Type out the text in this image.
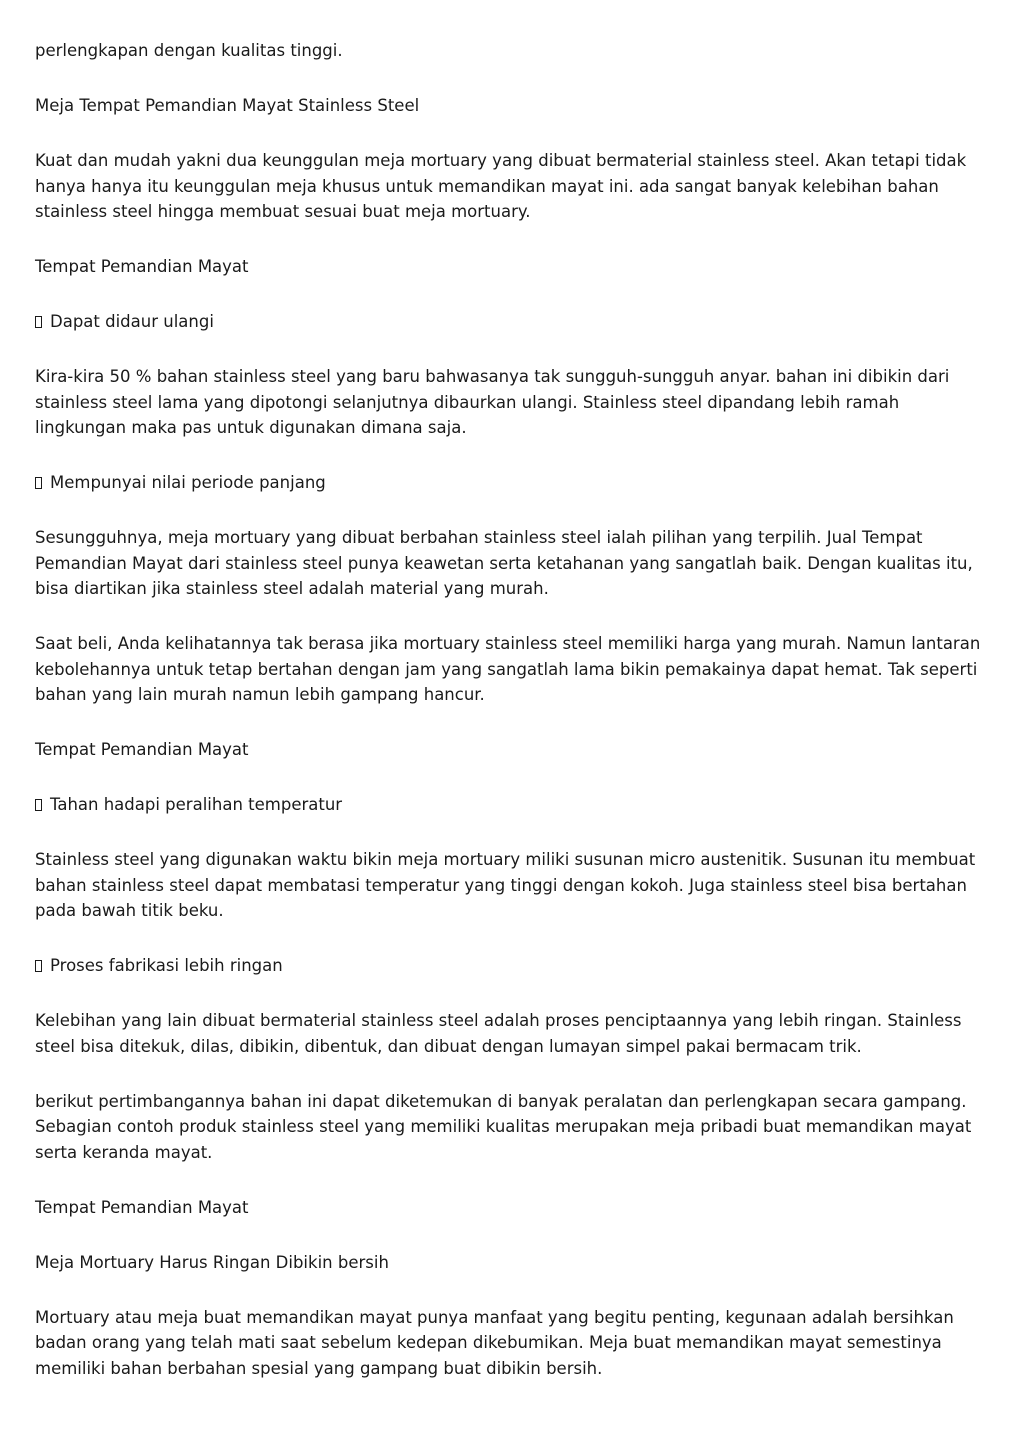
perlengkapan dengan kualitas tinggi.

Meja Tempat Pemandian Mayat Stainless Steel

Kuat dan mudah yakni dua keunggulan meja mortuary yang dibuat bermaterial stainless steel. Akan tetapi tidak hanya hanya itu keunggulan meja khusus untuk memandikan mayat ini. ada sangat banyak kelebihan bahan stainless steel hingga membuat sesuai buat meja mortuary.

Tempat Pemandian Mayat

Dapat didaur ulangi

Kira-kira 50 % bahan stainless steel yang baru bahwasanya tak sungguh-sungguh anyar. bahan ini dibikin dari stainless steel lama yang dipotongi selanjutnya dibaurkan ulangi. Stainless steel dipandang lebih ramah lingkungan maka pas untuk digunakan dimana saja.

Mempunyai nilai periode panjang

Sesungguhnya, meja mortuary yang dibuat berbahan stainless steel ialah pilihan yang terpilih. Jual Tempat Pemandian Mayat dari stainless steel punya keawetan serta ketahanan yang sangatlah baik. Dengan kualitas itu, bisa diartikan jika stainless steel adalah material yang murah.

Saat beli, Anda kelihatannya tak berasa jika mortuary stainless steel memiliki harga yang murah. Namun lantaran kebolehannya untuk tetap bertahan dengan jam yang sangatlah lama bikin pemakainya dapat hemat. Tak seperti bahan yang lain murah namun lebih gampang hancur.

Tempat Pemandian Mayat

Tahan hadapi peralihan temperatur

Stainless steel yang digunakan waktu bikin meja mortuary miliki susunan micro austenitik. Susunan itu membuat bahan stainless steel dapat membatasi temperatur yang tinggi dengan kokoh. Juga stainless steel bisa bertahan pada bawah titik beku.

Proses fabrikasi lebih ringan

Kelebihan yang lain dibuat bermaterial stainless steel adalah proses penciptaannya yang lebih ringan. Stainless steel bisa ditekuk, dilas, dibikin, dibentuk, dan dibuat dengan lumayan simpel pakai bermacam trik.

berikut pertimbangannya bahan ini dapat diketemukan di banyak peralatan dan perlengkapan secara gampang. Sebagian contoh produk stainless steel yang memiliki kualitas merupakan meja pribadi buat memandikan mayat serta keranda mayat.

Tempat Pemandian Mayat

Meja Mortuary Harus Ringan Dibikin bersih

Mortuary atau meja buat memandikan mayat punya manfaat yang begitu penting, kegunaan adalah bersihkan badan orang yang telah mati saat sebelum kedepan dikebumikan. Meja buat memandikan mayat semestinya memiliki bahan berbahan spesial yang gampang buat dibikin bersih.
